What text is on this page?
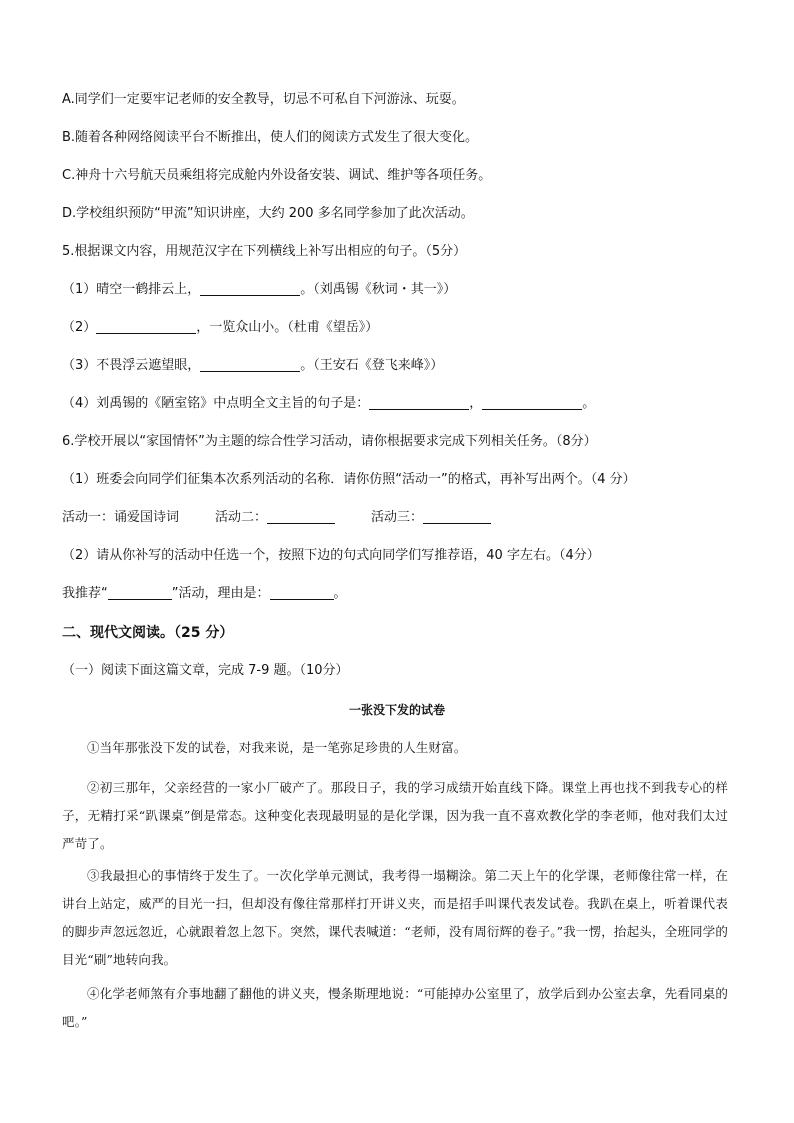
A.同学们一定要牢记老师的安全教导，切忌不可私自下河游泳、玩耍。
B.随着各种网络阅读平台不断推出，使人们的阅读方式发生了很大变化。
C.神舟十六号航天员乘组将完成舱内外设备安装、调试、维护等各项任务。
D.学校组织预防“甲流”知识讲座，大约 200 多名同学参加了此次活动。
5.根据课文内容，用规范汉字在下列横线上补写出相应的句子。（5分）
（1）晴空一鹤排云上，	。（刘禹锡《秋词・其一》）
（2）	，一览众山小。（杜甫《望岳》）
（3）不畏浮云遮望眼，	。（王安石《登飞来峰》）
（4）刘禹锡的《陋室铭》中点明全文主旨的句子是：	，	。
6.学校开展以“家国情怀”为主题的综合性学习活动，请你根据要求完成下列相关任务。（8分）
（1）班委会向同学们征集本次系列活动的名称．请你仿照“活动一”的格式，再补写出两个。（4 分）
活动一：诵爱国诗词	活动二：	活动三：
（2）请从你补写的活动中任选一个，按照下边的句式向同学们写推荐语，40 字左右。（4分）
我推荐“	”活动，理由是：	。
二、现代文阅读。（25 分）
（一）阅读下面这篇文章，完成 7-9 题。（10分）
一张没下发的试卷
①当年那张没下发的试卷，对我来说，是一笔弥足珍贵的人生财富。
②初三那年，父亲经营的一家小厂破产了。那段日子，我的学习成绩开始直线下降。课堂上再也找不到我专心的样子，无精打采“趴课桌”倒是常态。这种变化表现最明显的是化学课，因为我一直不喜欢教化学的李老师，他对我们太过严苛了。
③我最担心的事情终于发生了。一次化学单元测试，我考得一塌糊涂。第二天上午的化学课，老师像往常一样，在讲台上站定，威严的目光一扫，但却没有像往常那样打开讲义夹，而是招手叫课代表发试卷。我趴在桌上，听着课代表的脚步声忽远忽近，心就跟着忽上忽下。突然，课代表喊道：“老师，没有周衍辉的卷子。”我一愣，抬起头，全班同学的目光“刷”地转向我。
④化学老师煞有介事地翻了翻他的讲义夹，慢条斯理地说：“可能掉办公室里了，放学后到办公室去拿，先看同桌的吧。”
